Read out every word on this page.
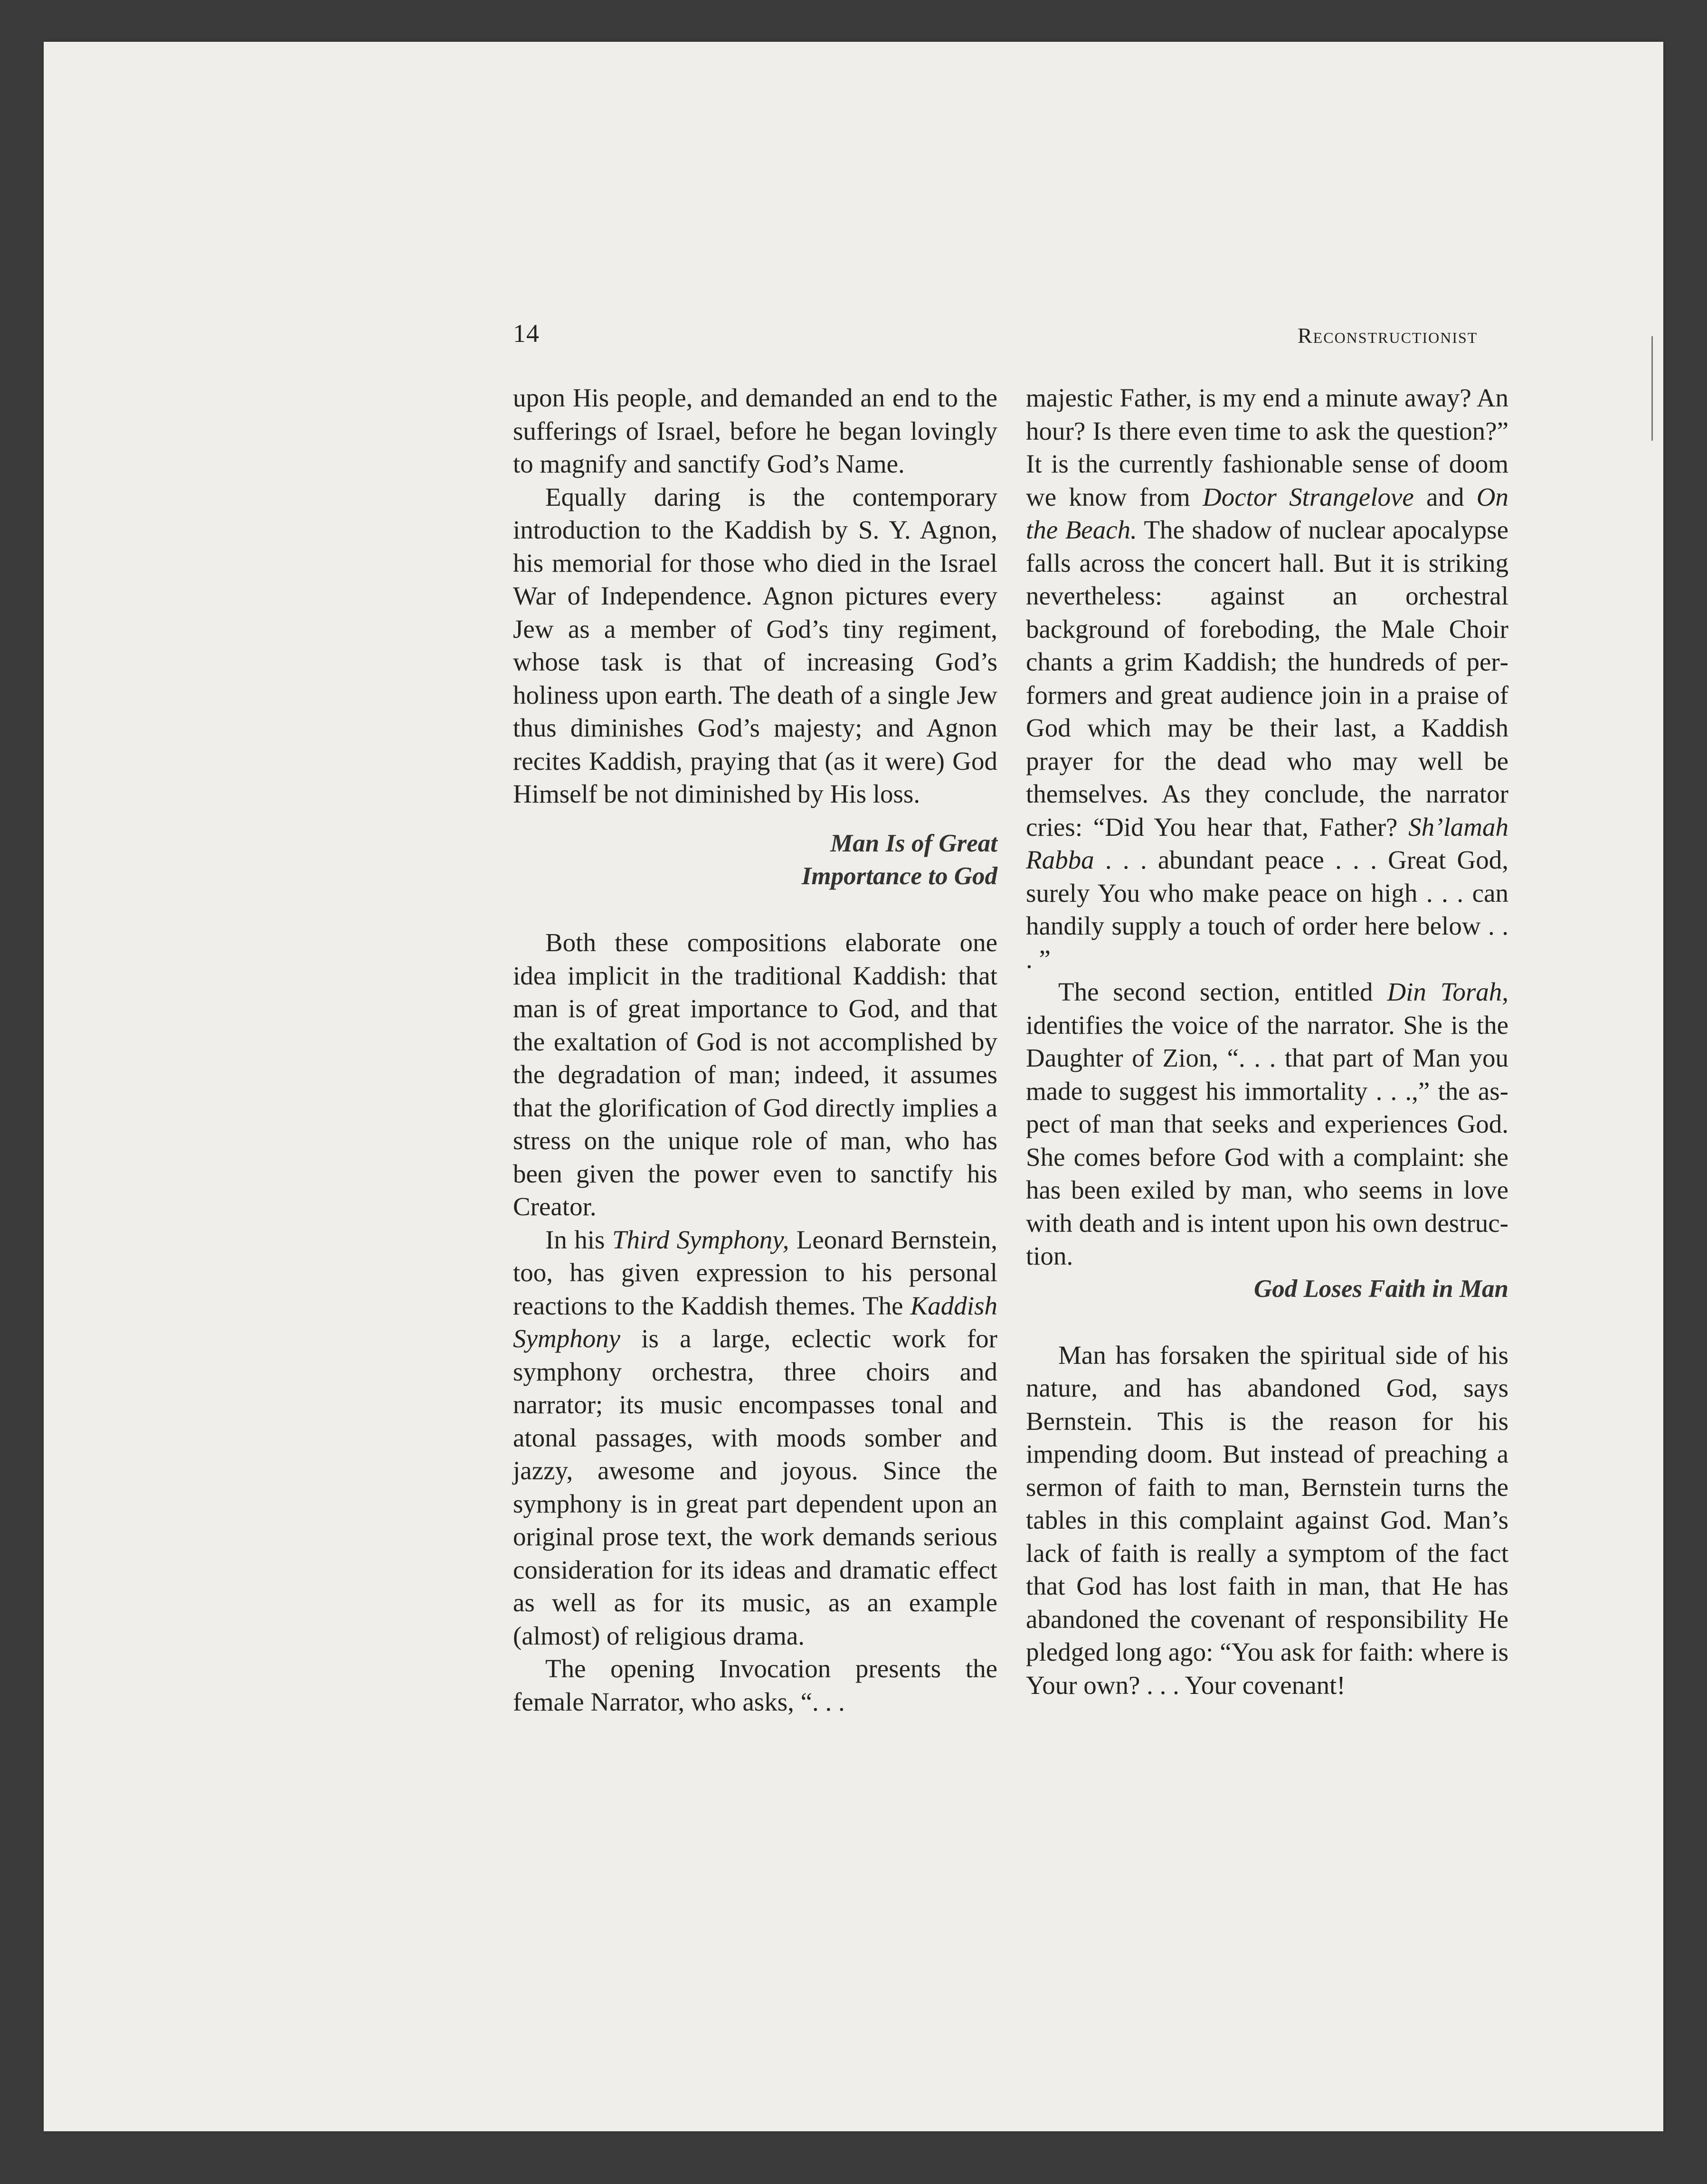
14	Reconstructionist

upon His people, and demanded an end to the sufferings of Israel, before he began lovingly to magnify and sanctify God’s Name.

Equally daring is the contemporary introduction to the Kaddish by S. Y. Agnon, his memorial for those who died in the Israel War of Independence. Agnon pictures every Jew as a member of God’s tiny regiment, whose task is that of increasing God’s holiness upon earth. The death of a single Jew thus diminishes God’s majesty; and Agnon recites Kaddish, praying that (as it were) God Himself be not diminished by His loss.

Man Is of Great
Importance to God

Both these compositions elaborate one idea implicit in the traditional Kaddish: that man is of great importance to God, and that the exaltation of God is not accomplished by the degradation of man; indeed, it assumes that the glorification of God directly implies a stress on the unique role of man, who has been given the power even to sanctify his Creator.

In his Third Symphony, Leonard Bernstein, too, has given expression to his personal reactions to the Kaddish themes. The Kaddish Symphony is a large, eclectic work for symphony orchestra, three choirs and narrator; its music encompasses tonal and atonal passages, with moods somber and jazzy, awesome and joyous. Since the symphony is in great part dependent upon an original prose text, the work demands serious consideration for its ideas and dramatic effect as well as for its music, as an example (almost) of religious drama.

The opening Invocation presents the female Narrator, who asks, “. . .

majestic Father, is my end a minute away? An hour? Is there even time to ask the question?” It is the currently fashionable sense of doom we know from Doctor Strangelove and On the Beach. The shadow of nuclear apocalypse falls across the concert hall. But it is striking nevertheless: against an orchestral background of foreboding, the Male Choir chants a grim Kaddish; the hundreds of performers and great audience join in a praise of God which may be their last, a Kaddish prayer for the dead who may well be themselves. As they conclude, the narrator cries: “Did You hear that, Father? Sh’lamah Rabba . . . abundant peace . . . Great God, surely You who make peace on high . . . can handily supply a touch of order here below . . . ”

The second section, entitled Din Torah, identifies the voice of the narrator. She is the Daughter of Zion, “. . . that part of Man you made to suggest his immortality . . .,” the aspect of man that seeks and experiences God. She comes before God with a complaint: she has been exiled by man, who seems in love with death and is intent upon his own destruction.

God Loses Faith in Man

Man has forsaken the spiritual side of his nature, and has abandoned God, says Bernstein. This is the reason for his impending doom. But instead of preaching a sermon of faith to man, Bernstein turns the tables in this complaint against God. Man’s lack of faith is really a symptom of the fact that God has lost faith in man, that He has abandoned the covenant of responsibility He pledged long ago: “You ask for faith: where is Your own? . . . Your covenant!
